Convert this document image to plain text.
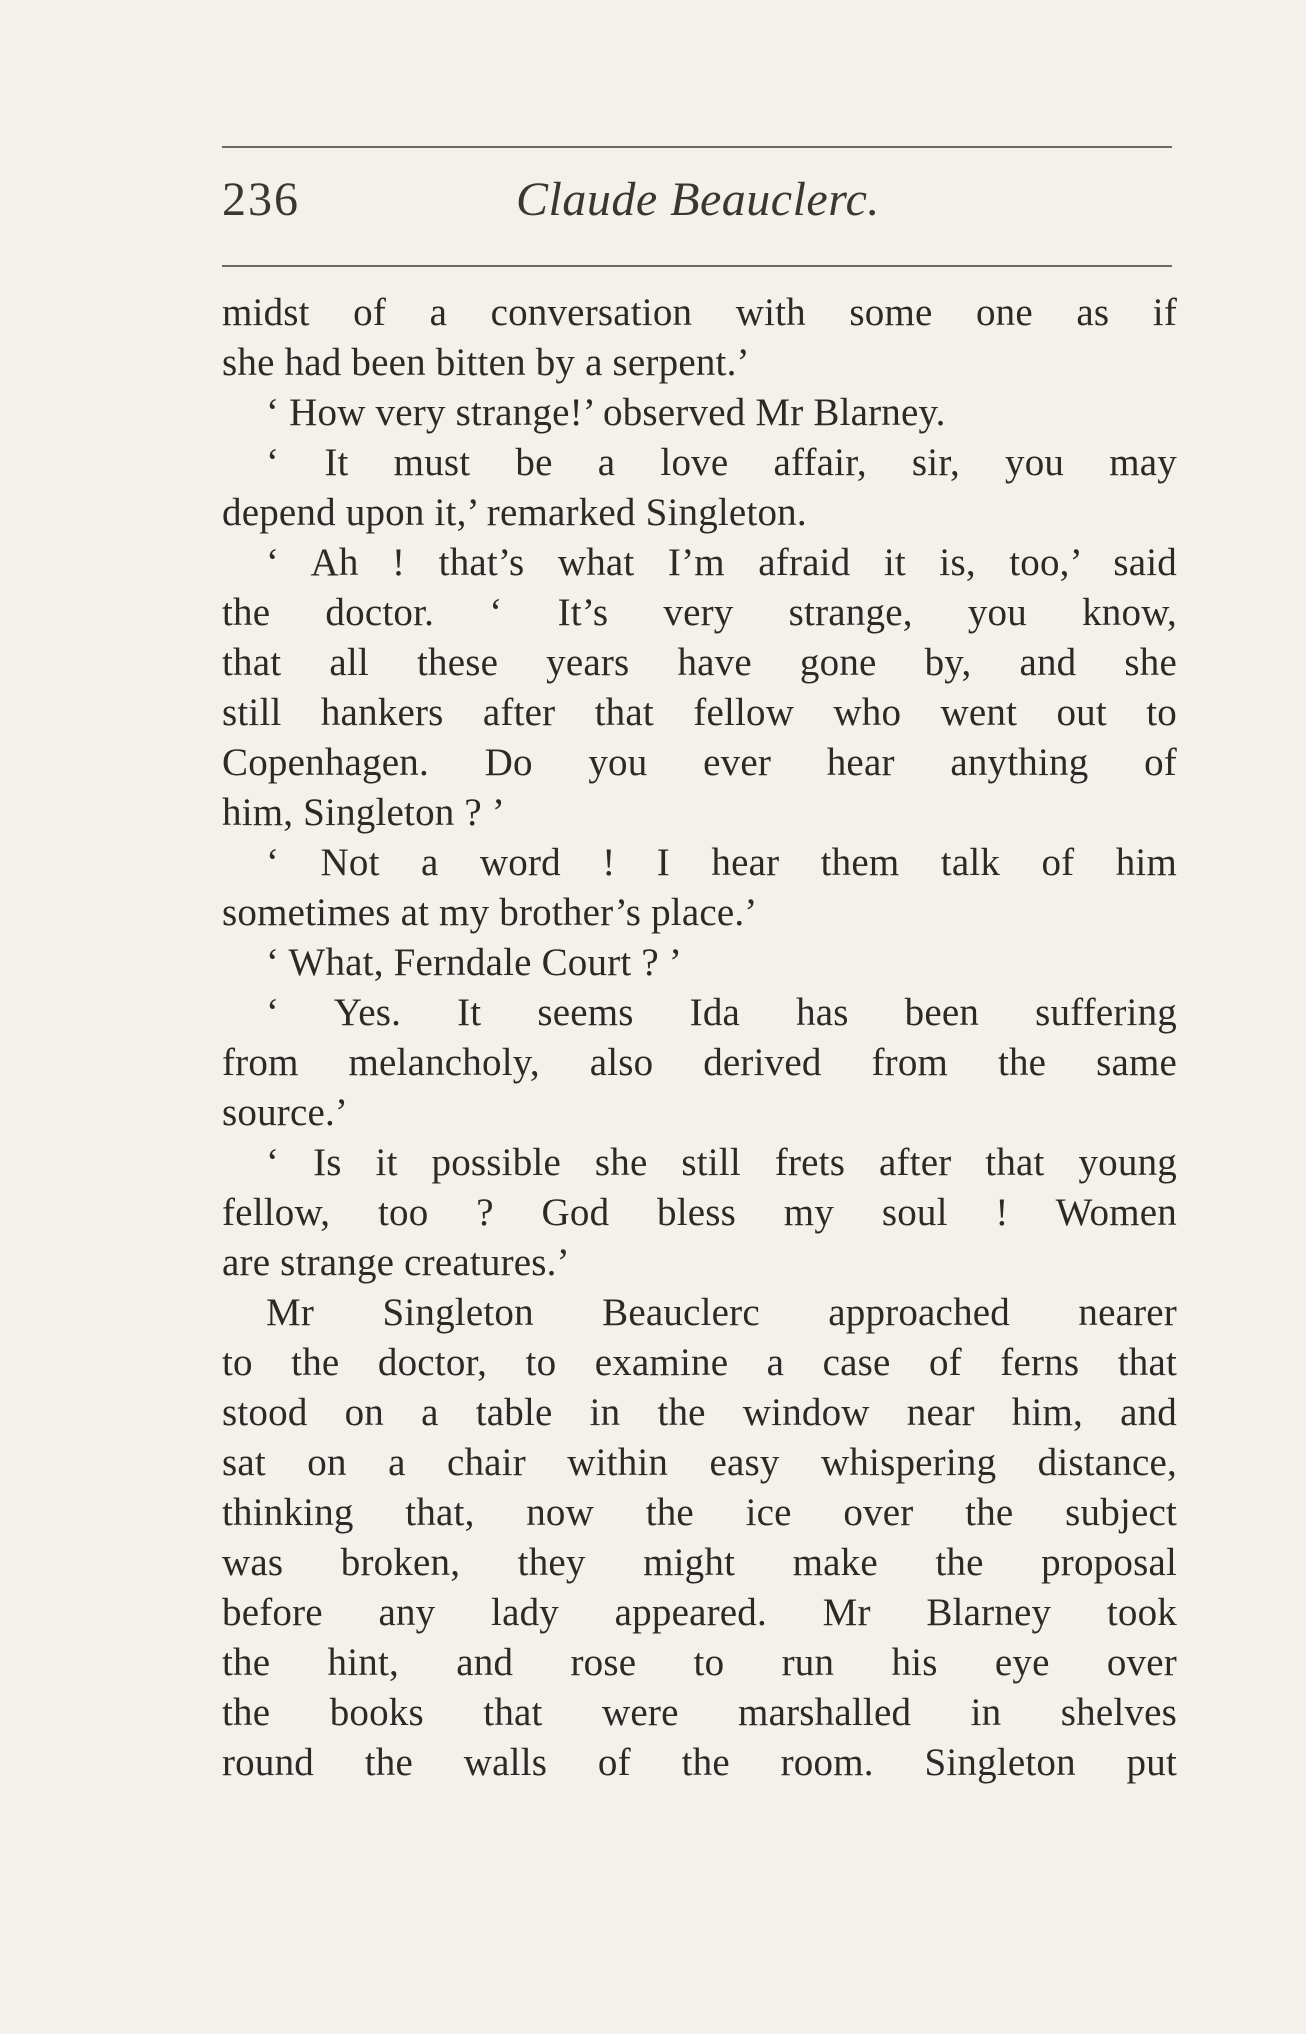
236	Claude Beauclerc.
midst of a conversation with some one as if
she had been bitten by a serpent.’
‘ How very strange!’ observed Mr Blarney.
‘ It must be a love affair, sir, you may
depend upon it,’ remarked Singleton.
‘ Ah ! that’s what I’m afraid it is, too,’ said
the doctor. ‘ It’s very strange, you know,
that all these years have gone by, and she
still hankers after that fellow who went out to
Copenhagen. Do you ever hear anything of
him, Singleton ? ’
‘ Not a word ! I hear them talk of him
sometimes at my brother’s place.’
‘ What, Ferndale Court ? ’
‘ Yes. It seems Ida has been suffering
from melancholy, also derived from the same
source.’
‘ Is it possible she still frets after that young
fellow, too ? God bless my soul ! Women
are strange creatures.’
Mr Singleton Beauclerc approached nearer
to the doctor, to examine a case of ferns that
stood on a table in the window near him, and
sat on a chair within easy whispering distance,
thinking that, now the ice over the subject
was broken, they might make the proposal
before any lady appeared. Mr Blarney took
the hint, and rose to run his eye over
the books that were marshalled in shelves
round the walls of the room. Singleton put
